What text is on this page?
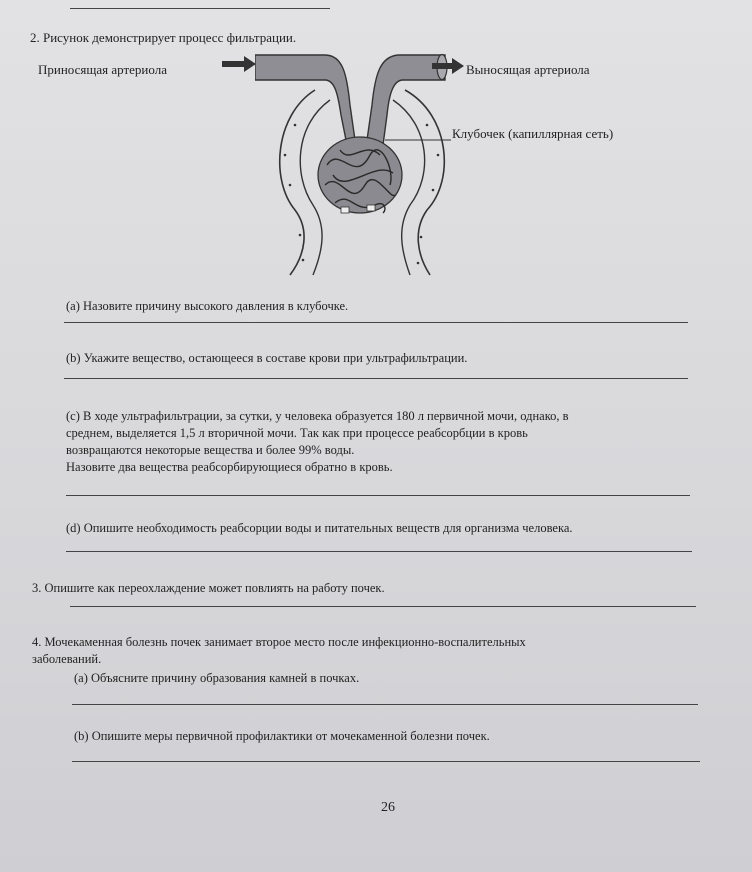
2. Рисунок демонстрирует процесс фильтрации.
Приносящая артериола	Выносящая артериола
Клубочек (капиллярная сеть)
(a) Назовите причину высокого давления в клубочке.
(b) Укажите вещество, остающееся в составе крови при ультрафильтрации.
(c) В ходе ультрафильтрации, за сутки, у человека образуется 180 л первичной мочи, однако, в
среднем, выделяется 1,5 л вторичной мочи. Так как при процессе реабсорбции в кровь
возвращаются некоторые вещества и более 99% воды.
Назовите два вещества реабсорбирующиеся обратно в кровь.
(d) Опишите необходимость реабсорции воды и питательных веществ для организма человека.
3. Опишите как переохлаждение может повлиять на работу почек.
4. Мочекаменная болезнь почек занимает второе место после инфекционно-воспалительных
заболеваний.
(a) Объясните причину образования камней в почках.
(b) Опишите меры первичной профилактики от мочекаменной болезни почек.
26
